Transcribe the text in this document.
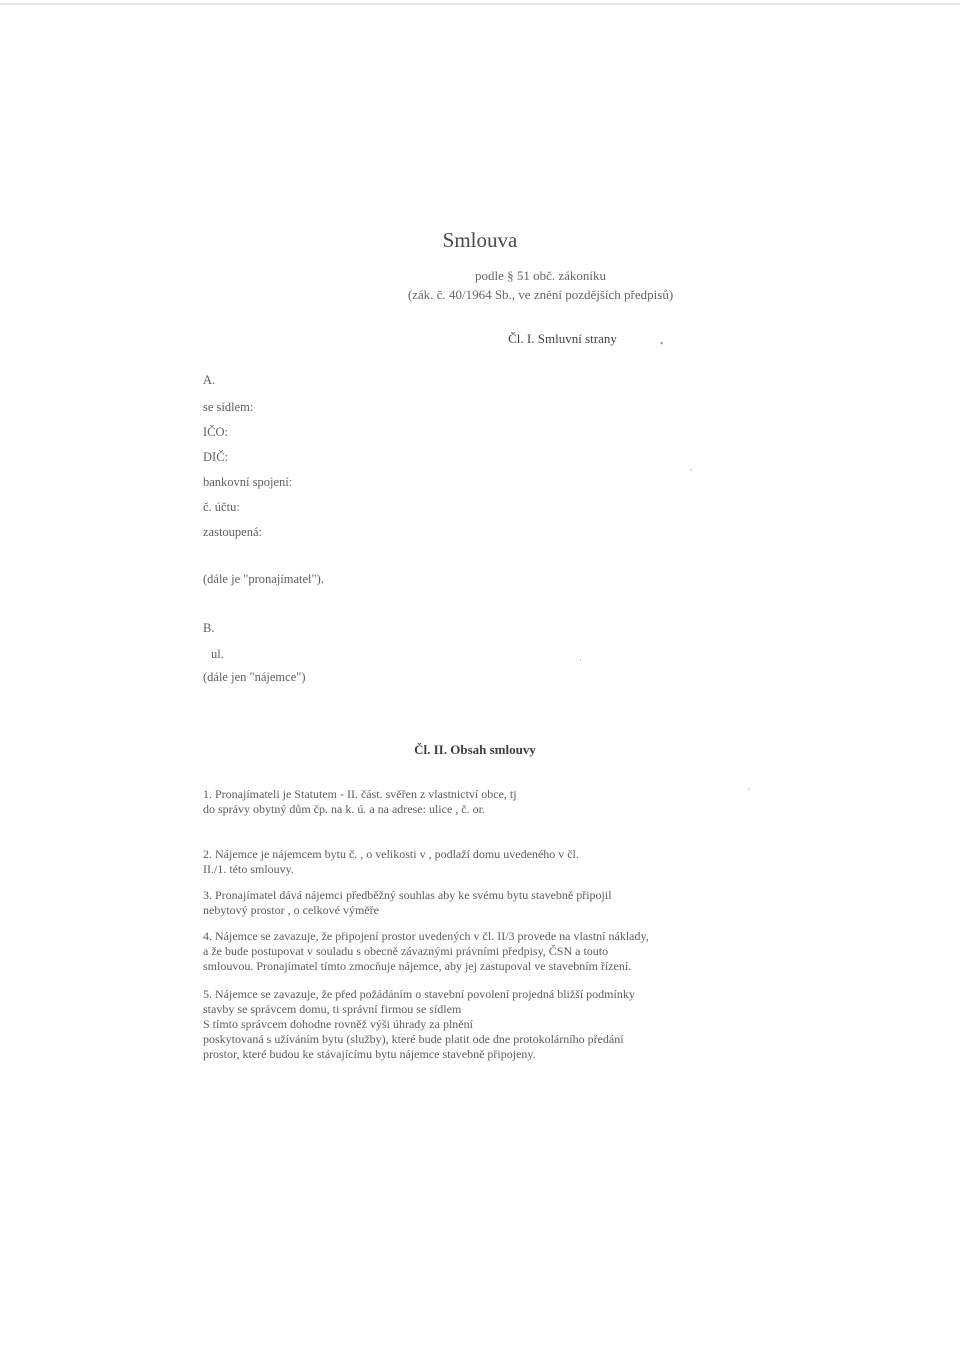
Smlouva
podle § 51 obč. zákoníku
(zák. č. 40/1964 Sb., ve znění pozdějších předpisů)
Čl. I. Smluvní strany
A.
se sídlem:
IČO:
DIČ:
bankovní spojení:
č. účtu:
zastoupená:
(dále je "pronajímatel").
B.
ul.
(dále jen "nájemce")
Čl. II. Obsah smlouvy
1. Pronajímateli je Statutem - II. část. svěřen z vlastnictví obce, tj
do správy obytný dům čp. na k. ú. a na adrese: ulice , č. or.
2. Nájemce je nájemcem bytu č. , o velikosti v , podlaží domu uvedeného v čl.
II./1. této smlouvy.
3. Pronajímatel dává nájemci předběžný souhlas aby ke svému bytu stavebně připojil
nebytový prostor , o celkové výměře
4. Nájemce se zavazuje, že připojení prostor uvedených v čl. II/3 provede na vlastní náklady,
a že bude postupovat v souladu s obecně závaznými právními předpisy, ČSN a touto
smlouvou. Pronajímatel tímto zmocňuje nájemce, aby jej zastupoval ve stavebním řízení.
5. Nájemce se zavazuje, že před požádáním o stavební povolení projedná bližší podmínky
stavby se správcem domu, ti správní firmou se sídlem
S tímto správcem dohodne rovněž výši úhrady za plnění
poskytovaná s užíváním bytu (služby), které bude platit ode dne protokolárního předání
prostor, které budou ke stávajícímu bytu nájemce stavebně připojeny.
▪
,
·
'
